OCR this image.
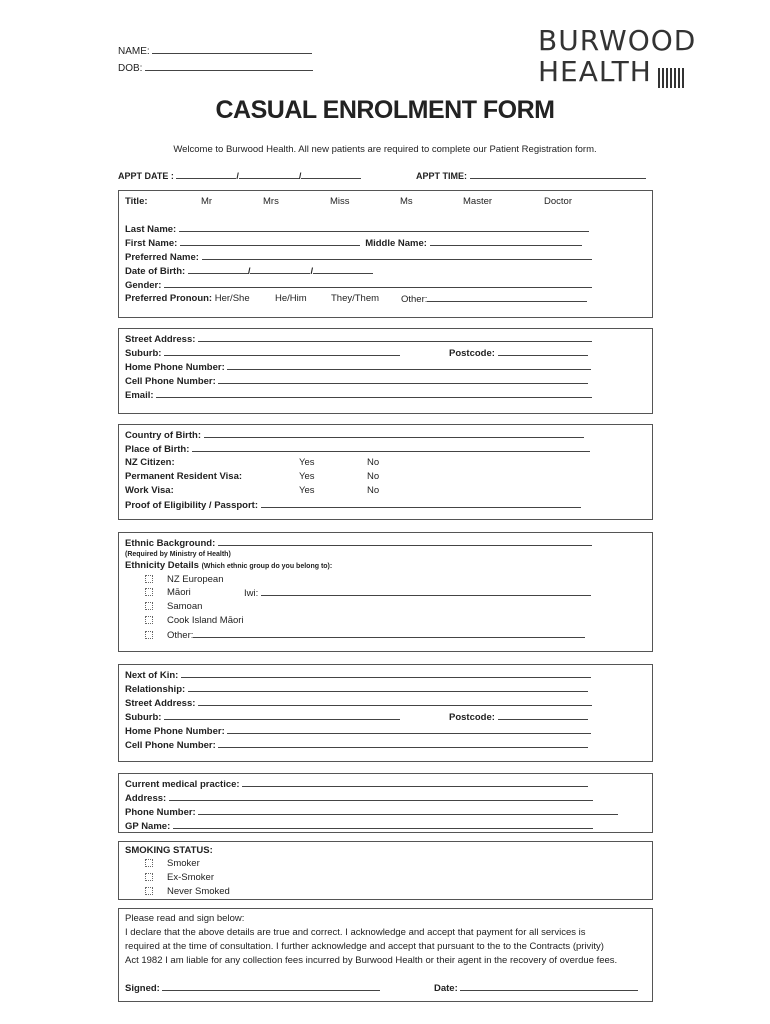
NAME:
DOB:
BURWOOD
HEALTH
CASUAL ENROLMENT FORM
Welcome to Burwood Health. All new patients are required to complete our Patient Registration form.
APPT DATE :	/	/	APPT TIME:
Title:	Mr	Mrs	Miss	Ms	Master	Doctor
Last Name:
First Name:	Middle Name:
Preferred Name:
Date of Birth:	/	/
Gender:
Preferred Pronoun: Her/She	He/Him	They/Them Other:
Street Address:
Suburb:	Postcode:
Home Phone Number:
Cell Phone Number:
Email:
Country of Birth:
Place of Birth:
NZ Citizen:	Yes	No
Permanent Resident Visa:	Yes	No
Work Visa:	Yes	No
Proof of Eligibility / Passport:
Ethnic Background:
(Required by Ministry of Health)
Ethnicity Details (Which ethnic group do you belong to):
NZ European
Māori	Iwi:
Samoan
Cook Island Māori
Other:
Next of Kin:
Relationship:
Street Address:
Suburb:	Postcode:
Home Phone Number:
Cell Phone Number:
Current medical practice:
Address:
Phone Number:
GP Name:
SMOKING STATUS:
Smoker
Ex-Smoker
Never Smoked
Please read and sign below:
I declare that the above details are true and correct. I acknowledge and accept that payment for all services is
required at the time of consultation. I further acknowledge and accept that pursuant to the to the Contracts (privity)
Act 1982 I am liable for any collection fees incurred by Burwood Health or their agent in the recovery of overdue fees.
Signed:	Date:
